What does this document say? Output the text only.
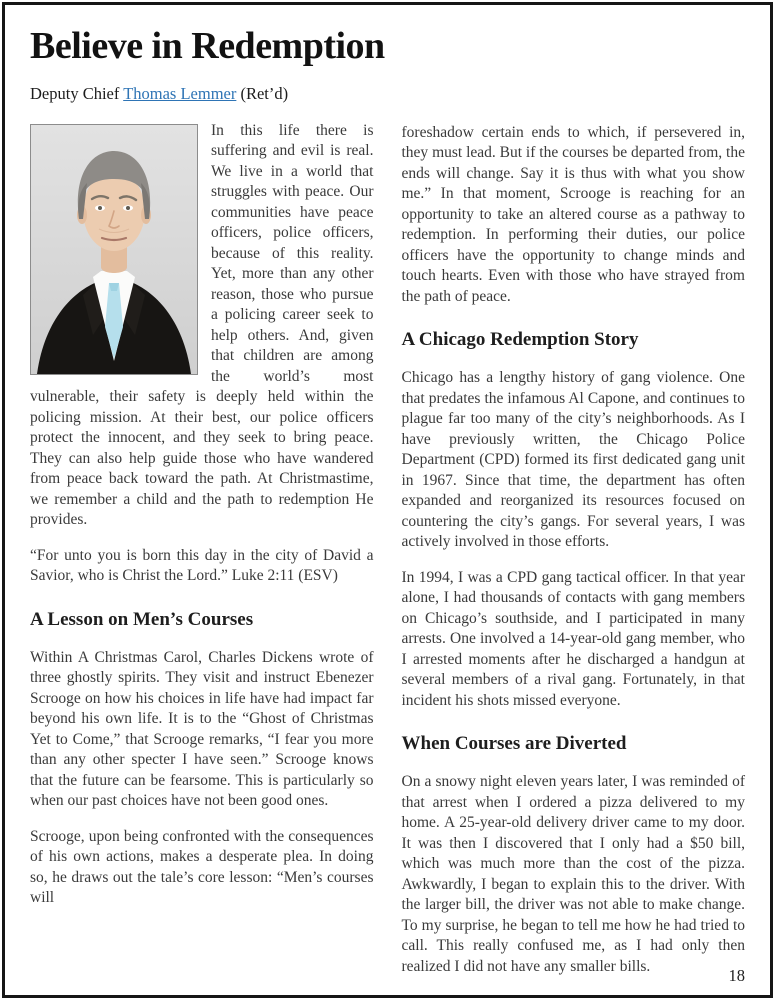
Believe in Redemption
Deputy Chief Thomas Lemmer (Ret’d)

In this life there is suffering and evil is real. We live in a world that struggles with peace. Our communities have peace officers, police officers, because of this reality. Yet, more than any other reason, those who pursue a policing career seek to help others. And, given that children are among the world’s most vulnerable, their safety is deeply held within the policing mission. At their best, our police officers protect the innocent, and they seek to bring peace. They can also help guide those who have wandered from peace back toward the path. At Christmastime, we remember a child and the path to redemption He provides.

“For unto you is born this day in the city of David a Savior, who is Christ the Lord.” Luke 2:11 (ESV)

A Lesson on Men’s Courses

Within A Christmas Carol, Charles Dickens wrote of three ghostly spirits. They visit and instruct Ebenezer Scrooge on how his choices in life have had impact far beyond his own life. It is to the “Ghost of Christmas Yet to Come,” that Scrooge remarks, “I fear you more than any other specter I have seen.” Scrooge knows that the future can be fearsome. This is particularly so when our past choices have not been good ones.

Scrooge, upon being confronted with the consequences of his own actions, makes a desperate plea. In doing so, he draws out the tale’s core lesson: “Men’s courses will

foreshadow certain ends to which, if persevered in, they must lead. But if the courses be departed from, the ends will change. Say it is thus with what you show me.” In that moment, Scrooge is reaching for an opportunity to take an altered course as a pathway to redemption. In performing their duties, our police officers have the opportunity to change minds and touch hearts. Even with those who have strayed from the path of peace.

A Chicago Redemption Story

Chicago has a lengthy history of gang violence. One that predates the infamous Al Capone, and continues to plague far too many of the city’s neighborhoods. As I have previously written, the Chicago Police Department (CPD) formed its first dedicated gang unit in 1967. Since that time, the department has often expanded and reorganized its resources focused on countering the city’s gangs. For several years, I was actively involved in those efforts.

In 1994, I was a CPD gang tactical officer. In that year alone, I had thousands of contacts with gang members on Chicago’s southside, and I participated in many arrests. One involved a 14-year-old gang member, who I arrested moments after he discharged a handgun at several members of a rival gang. Fortunately, in that incident his shots missed everyone.

When Courses are Diverted

On a snowy night eleven years later, I was reminded of that arrest when I ordered a pizza delivered to my home. A 25-year-old delivery driver came to my door. It was then I discovered that I only had a $50 bill, which was much more than the cost of the pizza. Awkwardly, I began to explain this to the driver. With the larger bill, the driver was not able to make change. To my surprise, he began to tell me how he had tried to call. This really confused me, as I had only then realized I did not have any smaller bills.	18
